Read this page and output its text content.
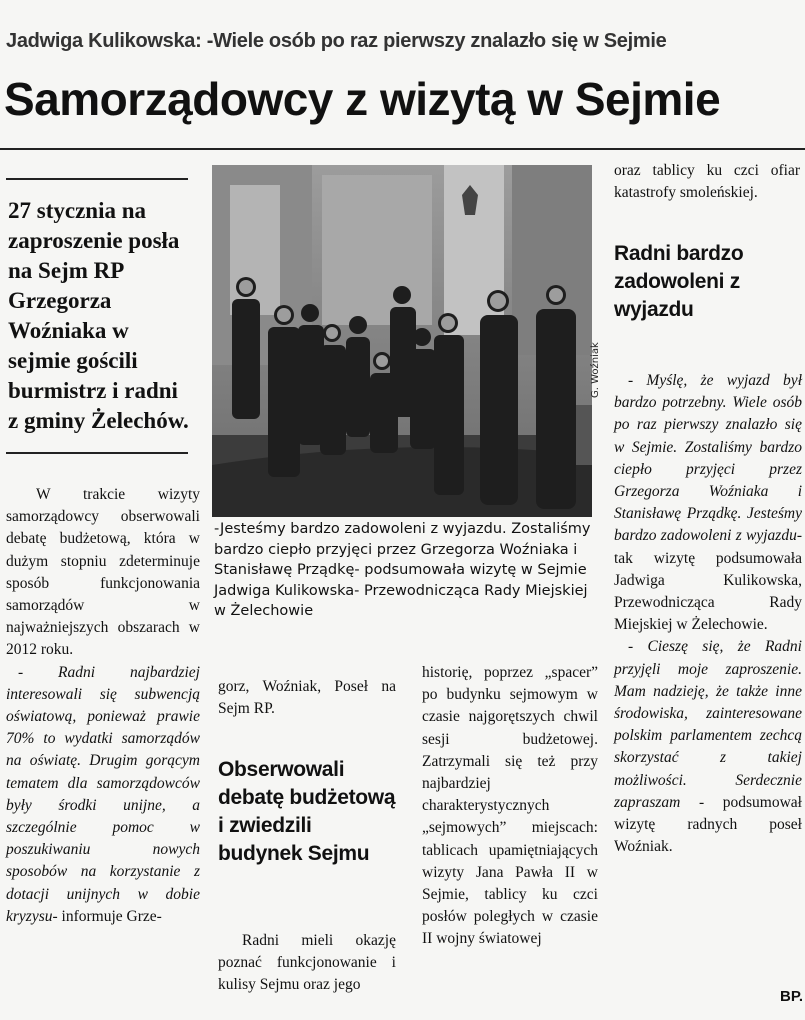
Jadwiga Kulikowska: -Wiele osób po raz pierwszy znalazło się w Sejmie
Samorządowcy z wizytą w Sejmie
27 stycznia na zaproszenie posła na Sejm RP Grzegorza Woźniaka w sejmie gościli burmistrz i radni z gminy Żelechów.
W trakcie wizyty samorządowcy obserwowali debatę budżetową, która w dużym stopniu zdeterminuje sposób funkcjonowania samorządów w najważniejszych obszarach w 2012 roku.
- Radni najbardziej interesowali się subwencją oświatową, ponieważ prawie 70% to wydatki samorządów na oświatę. Drugim gorącym tematem dla samorządowców były środki unijne, a szczególnie pomoc w poszukiwaniu nowych sposobów na korzystanie z dotacji unijnych w dobie kryzysu- informuje Grze-
G. Woźniak
-Jesteśmy bardzo zadowoleni z wyjazdu. Zostaliśmy bardzo ciepło przyjęci przez Grzegorza Woźniaka i Stanisławę Prządkę- podsumowała wizytę w Sejmie Jadwiga Kulikowska- Przewodnicząca Rady Miejskiej w Żelechowie
gorz, Woźniak, Poseł na Sejm RP.
Obserwowali debatę budżetową i zwiedzili budynek Sejmu
Radni mieli okazję poznać funkcjonowanie i kulisy Sejmu oraz jego
historię, poprzez „spacer” po budynku sejmowym w czasie najgorętszych chwil sesji budżetowej. Zatrzymali się też przy najbardziej charakterystycznych „sejmowych” miejscach: tablicach upamiętniających wizyty Jana Pawła II w Sejmie, tablicy ku czci posłów poległych w czasie II wojny światowej
oraz tablicy ku czci ofiar katastrofy smoleńskiej.
Radni bardzo zadowoleni z wyjazdu
- Myślę, że wyjazd był bardzo potrzebny. Wiele osób po raz pierwszy znalazło się w Sejmie. Zostaliśmy bardzo ciepło przyjęci przez Grzegorza Woźniaka i Stanisławę Prządkę. Jesteśmy bardzo zadowoleni z wyjazdu- tak wizytę podsumowała Jadwiga Kulikowska, Przewodnicząca Rady Miejskiej w Żelechowie.
- Cieszę się, że Radni przyjęli moje zaproszenie. Mam nadzieję, że także inne środowiska, zainteresowane polskim parlamentem zechcą skorzystać z takiej możliwości. Serdecznie zapraszam - podsumował wizytę radnych poseł Woźniak.
BP.
